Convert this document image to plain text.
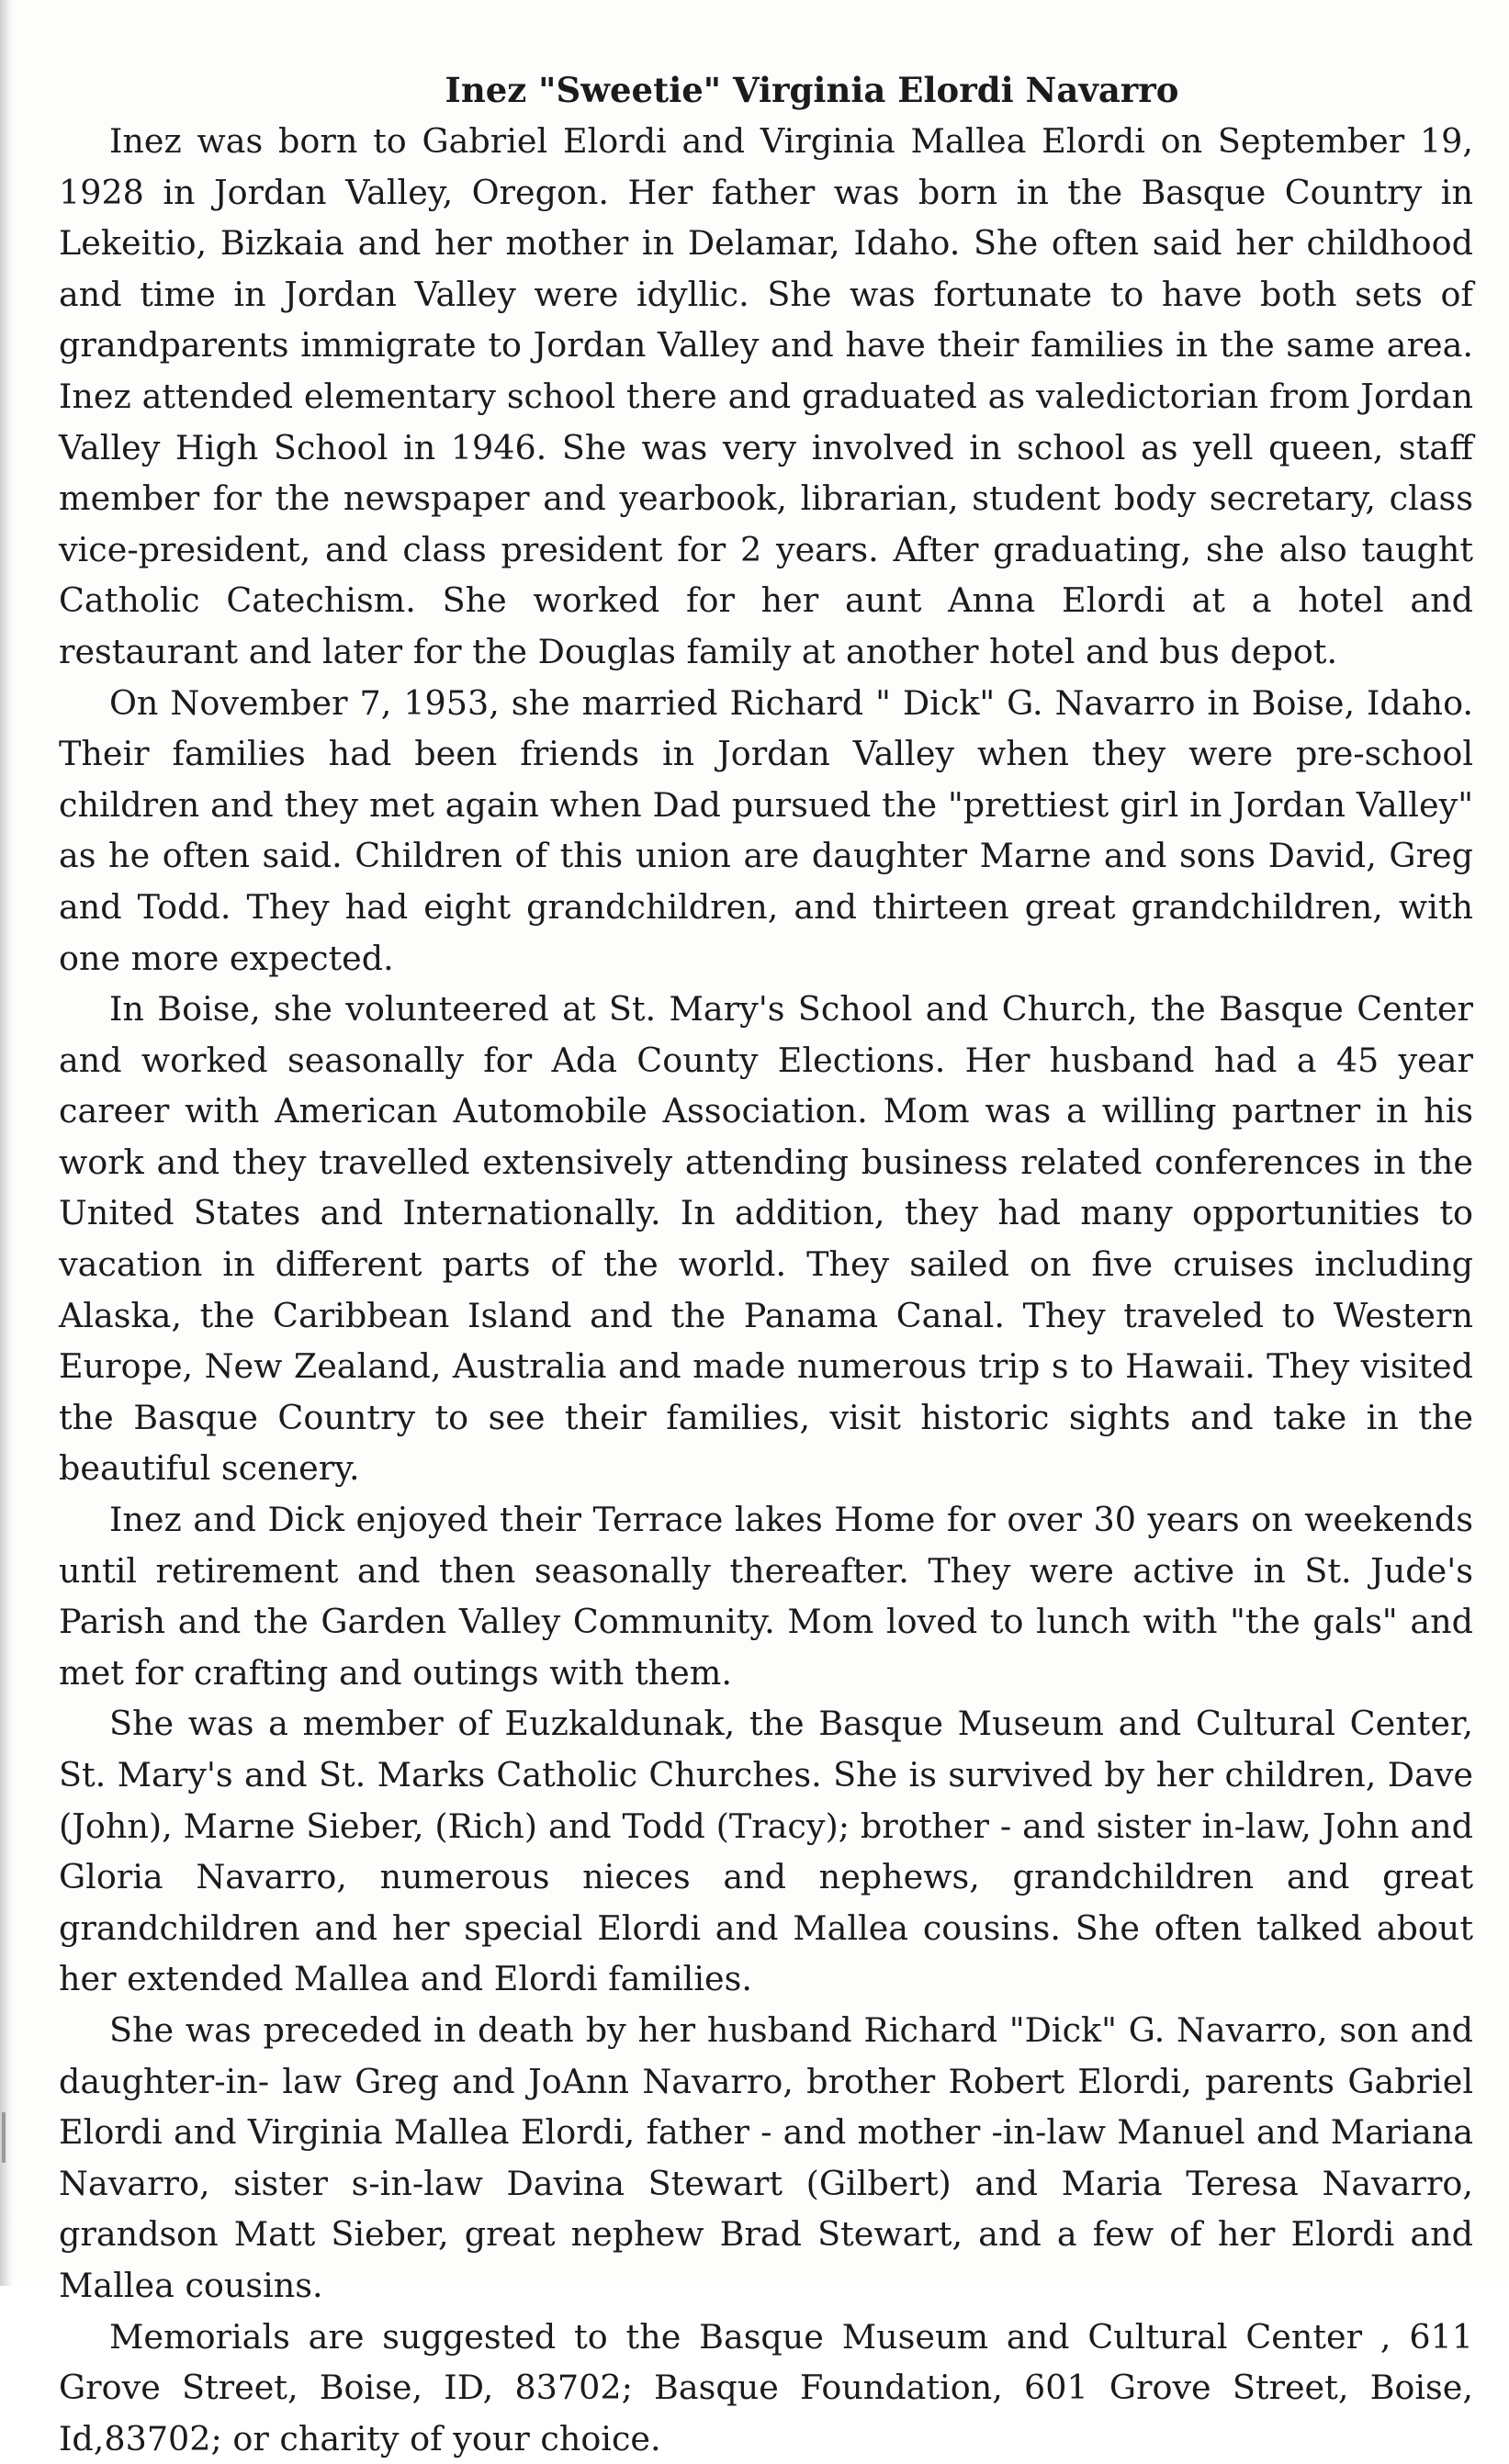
Inez "Sweetie" Virginia Elordi Navarro

Inez was born to Gabriel Elordi and Virginia Mallea Elordi on September 19, 1928 in Jordan Valley, Oregon. Her father was born in the Basque Country in Lekeitio, Bizkaia and her mother in Delamar, Idaho. She often said her childhood and time in Jordan Valley were idyllic. She was fortunate to have both sets of grandparents immigrate to Jordan Valley and have their families in the same area. Inez attended elementary school there and graduated as valedictorian from Jordan Valley High School in 1946. She was very involved in school as yell queen, staff member for the newspaper and yearbook, librarian, student body secretary, class vice-president, and class president for 2 years. After graduating, she also taught Catholic Catechism. She worked for her aunt Anna Elordi at a hotel and restaurant and later for the Douglas family at another hotel and bus depot.

On November 7, 1953, she married Richard " Dick" G. Navarro in Boise, Idaho. Their families had been friends in Jordan Valley when they were pre-school children and they met again when Dad pursued the "prettiest girl in Jordan Valley" as he often said. Children of this union are daughter Marne and sons David, Greg and Todd. They had eight grandchildren, and thirteen great grandchildren, with one more expected.

In Boise, she volunteered at St. Mary's School and Church, the Basque Center and worked seasonally for Ada County Elections. Her husband had a 45 year career with American Automobile Association. Mom was a willing partner in his work and they travelled extensively attending business related conferences in the United States and Internationally. In addition, they had many opportunities to vacation in different parts of the world. They sailed on five cruises including Alaska, the Caribbean Island and the Panama Canal. They traveled to Western Europe, New Zealand, Australia and made numerous trip s to Hawaii. They visited the Basque Country to see their families, visit historic sights and take in the beautiful scenery.

Inez and Dick enjoyed their Terrace lakes Home for over 30 years on weekends until retirement and then seasonally thereafter. They were active in St. Jude's Parish and the Garden Valley Community. Mom loved to lunch with "the gals" and met for crafting and outings with them.

She was a member of Euzkaldunak, the Basque Museum and Cultural Center, St. Mary's and St. Marks Catholic Churches. She is survived by her children, Dave (John), Marne Sieber, (Rich) and Todd (Tracy); brother - and sister in-law, John and Gloria Navarro, numerous nieces and nephews, grandchildren and great grandchildren and her special Elordi and Mallea cousins. She often talked about her extended Mallea and Elordi families.

She was preceded in death by her husband Richard "Dick" G. Navarro, son and daughter-in- law Greg and JoAnn Navarro, brother Robert Elordi, parents Gabriel Elordi and Virginia Mallea Elordi, father - and mother -in-law Manuel and Mariana Navarro, sister s-in-law Davina Stewart (Gilbert) and Maria Teresa Navarro, grandson Matt Sieber, great nephew Brad Stewart, and a few of her Elordi and Mallea cousins.

Memorials are suggested to the Basque Museum and Cultural Center , 611 Grove Street, Boise, ID, 83702; Basque Foundation, 601 Grove Street, Boise, Id,83702; or charity of your choice.
